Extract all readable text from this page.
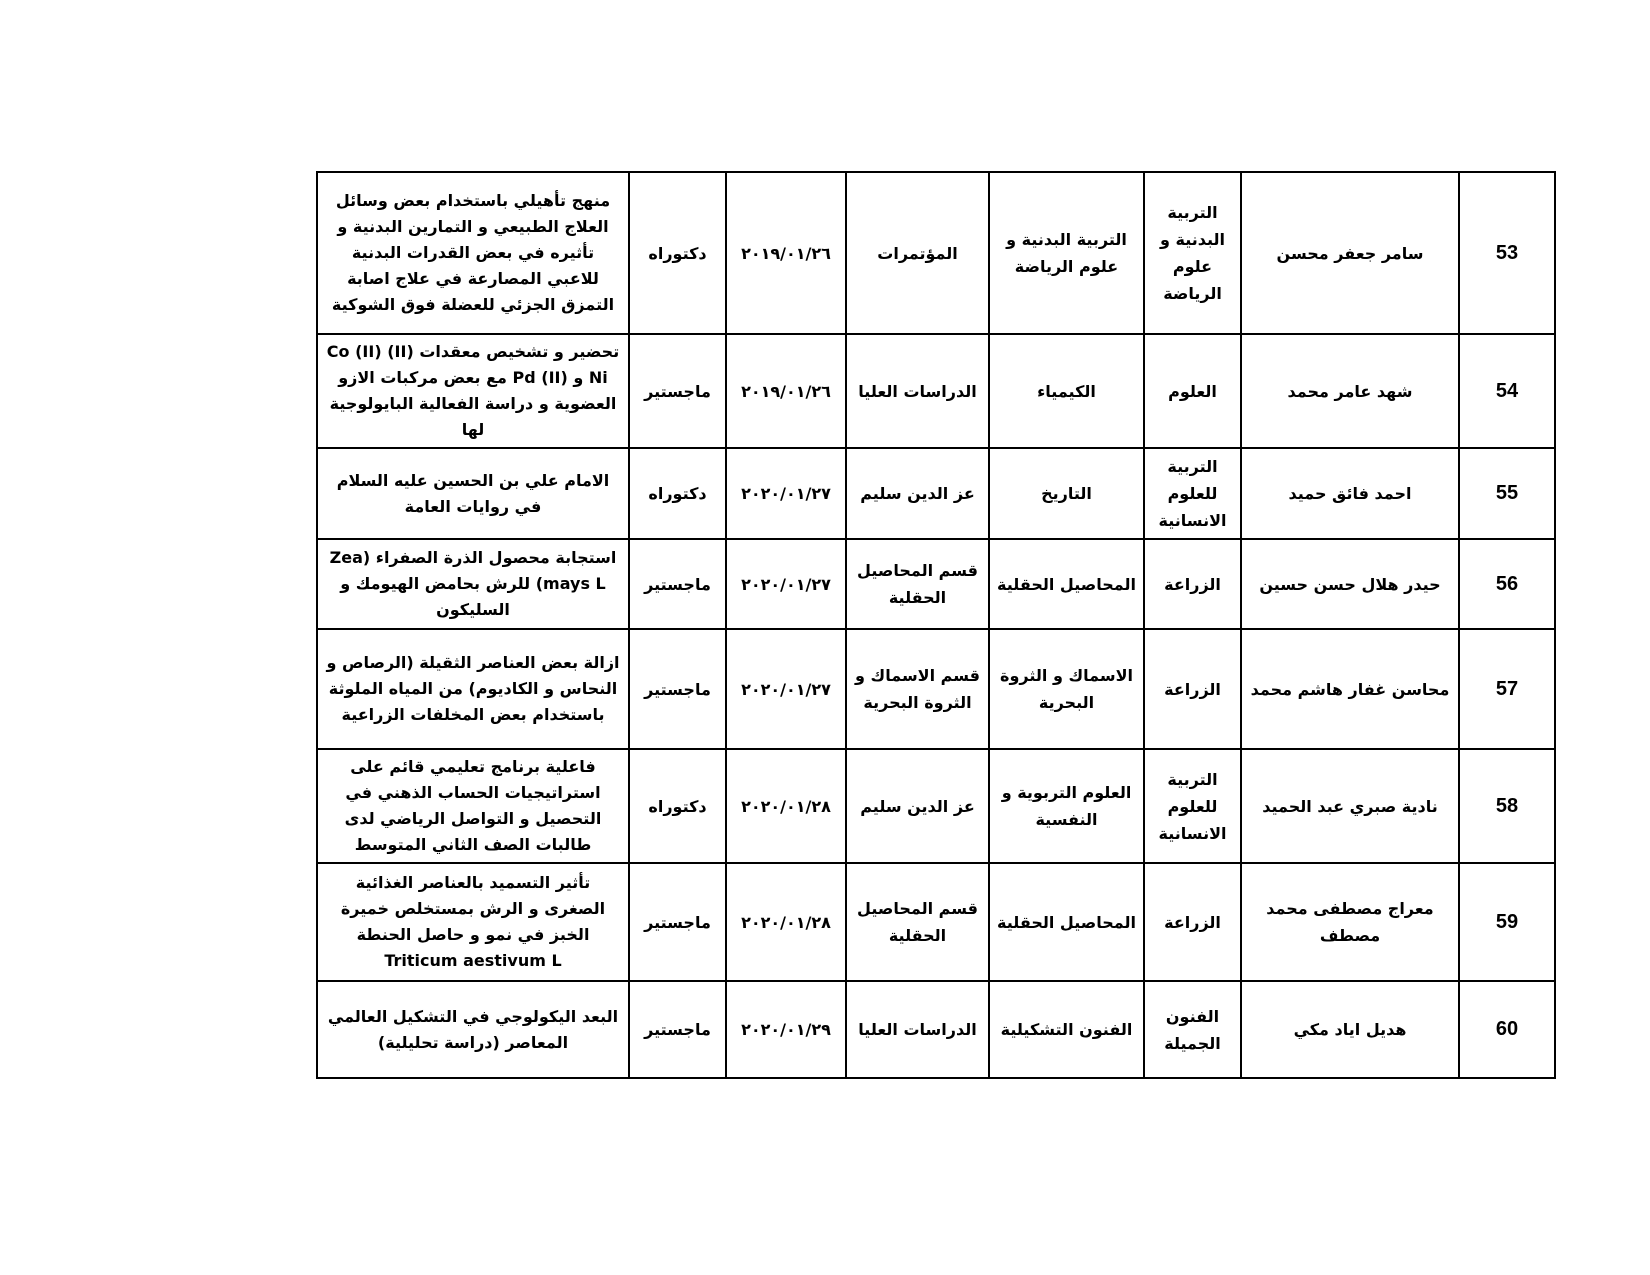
53	سامر جعفر محسن	التربية البدنية و علوم الرياضة	التربية البدنية و علوم الرياضة	المؤتمرات	٢٠١٩/٠١/٢٦	دكتوراه	منهج تأهيلي باستخدام بعض وسائل العلاج الطبيعي و التمارين البدنية و تأثيره في بعض القدرات البدنية للاعبي المصارعة في علاج اصابة التمزق الجزئي للعضلة فوق الشوكية
54	شهد عامر محمد	العلوم	الكيمياء	الدراسات العليا	٢٠١٩/٠١/٢٦	ماجستير	تحضير و تشخيص معقدات (II) Co (II) Ni و Pd (II) مع بعض مركبات الازو العضوية و دراسة الفعالية البايولوجية لها
55	احمد فائق حميد	التربية للعلوم الانسانية	التاريخ	عز الدين سليم	٢٠٢٠/٠١/٢٧	دكتوراه	الامام علي بن الحسين عليه السلام في روايات العامة
56	حيدر هلال حسن حسين	الزراعة	المحاصيل الحقلية	قسم المحاصيل الحقلية	٢٠٢٠/٠١/٢٧	ماجستير	استجابة محصول الذرة الصفراء (Zea mays L) للرش بحامض الهيومك و السليكون
57	محاسن غفار هاشم محمد	الزراعة	الاسماك و الثروة البحرية	قسم الاسماك و الثروة البحرية	٢٠٢٠/٠١/٢٧	ماجستير	ازالة بعض العناصر الثقيلة (الرصاص و النحاس و الكاديوم) من المياه الملوثة باستخدام بعض المخلفات الزراعية
58	نادية صبري عبد الحميد	التربية للعلوم الانسانية	العلوم التربوية و النفسية	عز الدين سليم	٢٠٢٠/٠١/٢٨	دكتوراه	فاعلية برنامج تعليمي قائم على استراتيجيات الحساب الذهني في التحصيل و التواصل الرياضي لدى طالبات الصف الثاني المتوسط
59	معراج مصطفى محمد مصطف	الزراعة	المحاصيل الحقلية	قسم المحاصيل الحقلية	٢٠٢٠/٠١/٢٨	ماجستير	تأثير التسميد بالعناصر الغذائية الصغرى و الرش بمستخلص خميرة الخبز في نمو و حاصل الحنطة Triticum aestivum L
60	هديل اياد مكي	الفنون الجميلة	الفنون التشكيلية	الدراسات العليا	٢٠٢٠/٠١/٢٩	ماجستير	البعد اليكولوجي في التشكيل العالمي المعاصر (دراسة تحليلية)
